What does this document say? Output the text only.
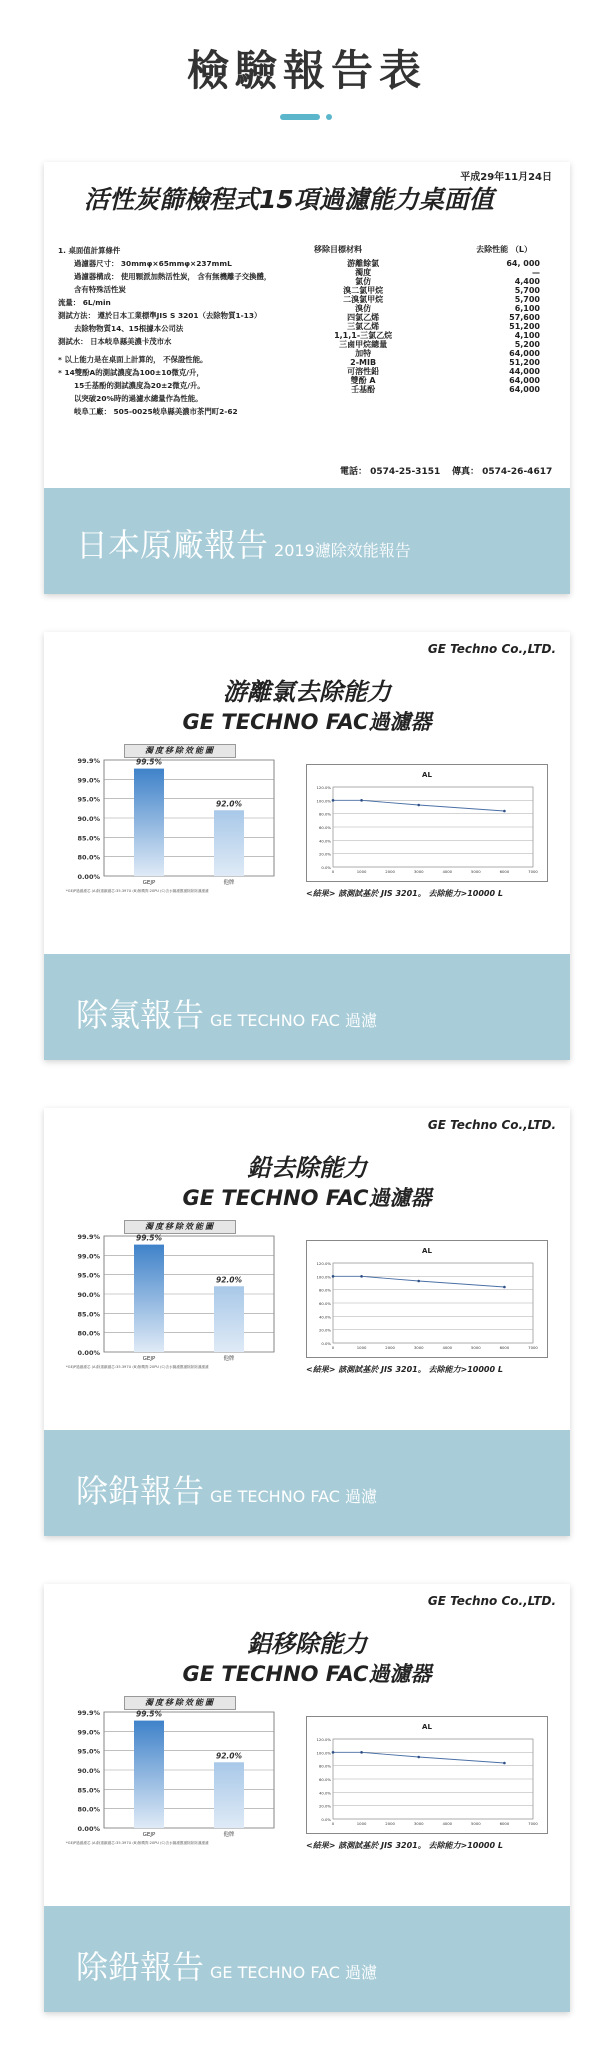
檢驗報告表
平成29年11月24日
活性炭篩檢程式15項過濾能力桌面值
1. 桌面值計算條件
過濾器尺寸： 30mmφ×65mmφ×237mmL
過濾器構成： 使用顆派加熱活性炭， 含有無機離子交換體，
含有特殊活性炭
流量： 6L/min
測試方法： 遵於日本工業標準JIS S 3201（去除物質1-13）
去除物物質14、15根據本公司法
測試水： 日本岐阜縣美濃卡茂市水
* 以上能力是在桌面上計算的， 不保證性能。
* 14雙酚A的測試濃度為100±10微克/升，
15壬基酚的測試濃度為20±2微克/升。
以突破20%時的過濾水總量作為性能。
岐阜工廠： 505-0025岐阜縣美濃市茶門町2-62
移除目標材料	去除性能 （L）
游離餘氯	64, 000
濁度	—
氯仿	4,400
溴二氯甲烷	5,700
二溴氯甲烷	5,700
溴仿	6,100
四氯乙烯	57,600
三氯乙烯	51,200
1,1,1-三氯乙烷	4,100
三鹵甲烷總量	5,200
加特	64,000
2-MIB	51,200
可溶性鉛	44,000
雙酚 A	64,000
壬基酚	64,000
電話： 0574-25-3151 傳真： 0574-26-4617
日本原廠報告 2019濾除效能報告
GE Techno Co.,LTD.
游離氯去除能力
GE TECHNO FAC過濾器
99.9%
99.0%
95.0%
90.0%
85.0%
80.0%
0.00%
99.5%
GEJP
92.0%
他牌
*GEJP過濾濾芯 (A)除重鐵濾芯:35.397U (B)無機質:20PU (C)含水圖濾膜濾除除除濾濾濾
濁度移除效能圖
AL
120.0%
100.0%
80.0%
60.0%
40.0%
20.0%
0.0%
0	1000	2000	3000	4000	5000	6000	7000
<結果> 該測試基於 JIS 3201。 去除能力>10000 L
除氯報告 GE TECHNO FAC 過濾
GE Techno Co.,LTD.
鉛去除能力
GE TECHNO FAC過濾器
99.9%
99.0%
95.0%
90.0%
85.0%
80.0%
0.00%
99.5%
GEJP
92.0%
他牌
*GEJP過濾濾芯 (A)除重鐵濾芯:35.397U (B)無機質:20PU (C)含水圖濾膜濾除除除濾濾濾
濁度移除效能圖
AL
120.0%
100.0%
80.0%
60.0%
40.0%
20.0%
0.0%
0	1000	2000	3000	4000	5000	6000	7000
<結果> 該測試基於 JIS 3201。 去除能力>10000 L
除鉛報告 GE TECHNO FAC 過濾
GE Techno Co.,LTD.
鋁移除能力
GE TECHNO FAC過濾器
99.9%
99.0%
95.0%
90.0%
85.0%
80.0%
0.00%
99.5%
GEJP
92.0%
他牌
*GEJP過濾濾芯 (A)除重鐵濾芯:35.397U (B)無機質:20PU (C)含水圖濾膜濾除除除濾濾濾
濁度移除效能圖
AL
120.0%
100.0%
80.0%
60.0%
40.0%
20.0%
0.0%
0	1000	2000	3000	4000	5000	6000	7000
<結果> 該測試基於 JIS 3201。 去除能力>10000 L
除鉛報告 GE TECHNO FAC 過濾
